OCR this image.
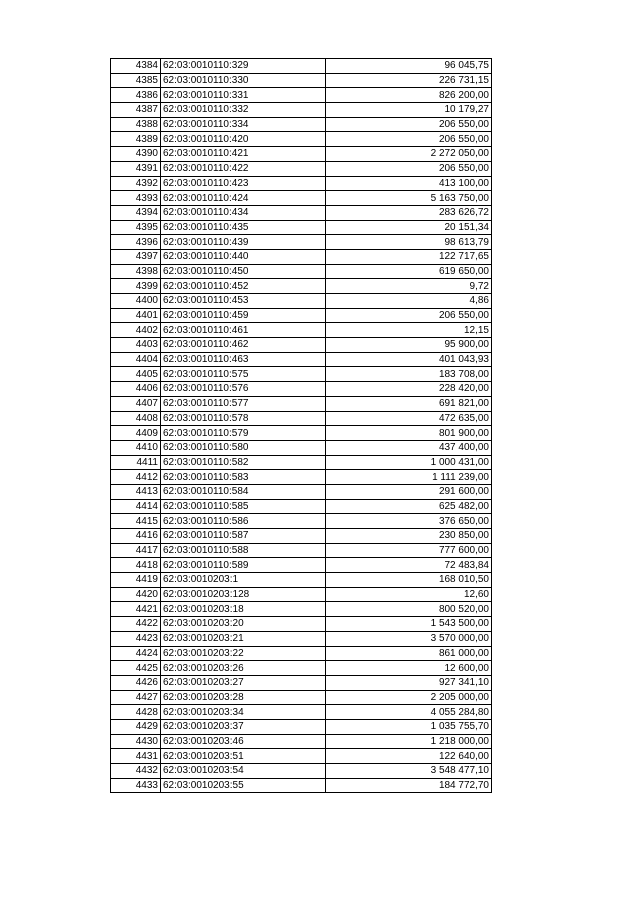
4384	62:03:0010110:329	96 045,75
4385	62:03:0010110:330	226 731,15
4386	62:03:0010110:331	826 200,00
4387	62:03:0010110:332	10 179,27
4388	62:03:0010110:334	206 550,00
4389	62:03:0010110:420	206 550,00
4390	62:03:0010110:421	2 272 050,00
4391	62:03:0010110:422	206 550,00
4392	62:03:0010110:423	413 100,00
4393	62:03:0010110:424	5 163 750,00
4394	62:03:0010110:434	283 626,72
4395	62:03:0010110:435	20 151,34
4396	62:03:0010110:439	98 613,79
4397	62:03:0010110:440	122 717,65
4398	62:03:0010110:450	619 650,00
4399	62:03:0010110:452	9,72
4400	62:03:0010110:453	4,86
4401	62:03:0010110:459	206 550,00
4402	62:03:0010110:461	12,15
4403	62:03:0010110:462	95 900,00
4404	62:03:0010110:463	401 043,93
4405	62:03:0010110:575	183 708,00
4406	62:03:0010110:576	228 420,00
4407	62:03:0010110:577	691 821,00
4408	62:03:0010110:578	472 635,00
4409	62:03:0010110:579	801 900,00
4410	62:03:0010110:580	437 400,00
4411	62:03:0010110:582	1 000 431,00
4412	62:03:0010110:583	1 111 239,00
4413	62:03:0010110:584	291 600,00
4414	62:03:0010110:585	625 482,00
4415	62:03:0010110:586	376 650,00
4416	62:03:0010110:587	230 850,00
4417	62:03:0010110:588	777 600,00
4418	62:03:0010110:589	72 483,84
4419	62:03:0010203:1	168 010,50
4420	62:03:0010203:128	12,60
4421	62:03:0010203:18	800 520,00
4422	62:03:0010203:20	1 543 500,00
4423	62:03:0010203:21	3 570 000,00
4424	62:03:0010203:22	861 000,00
4425	62:03:0010203:26	12 600,00
4426	62:03:0010203:27	927 341,10
4427	62:03:0010203:28	2 205 000,00
4428	62:03:0010203:34	4 055 284,80
4429	62:03:0010203:37	1 035 755,70
4430	62:03:0010203:46	1 218 000,00
4431	62:03:0010203:51	122 640,00
4432	62:03:0010203:54	3 548 477,10
4433	62:03:0010203:55	184 772,70
